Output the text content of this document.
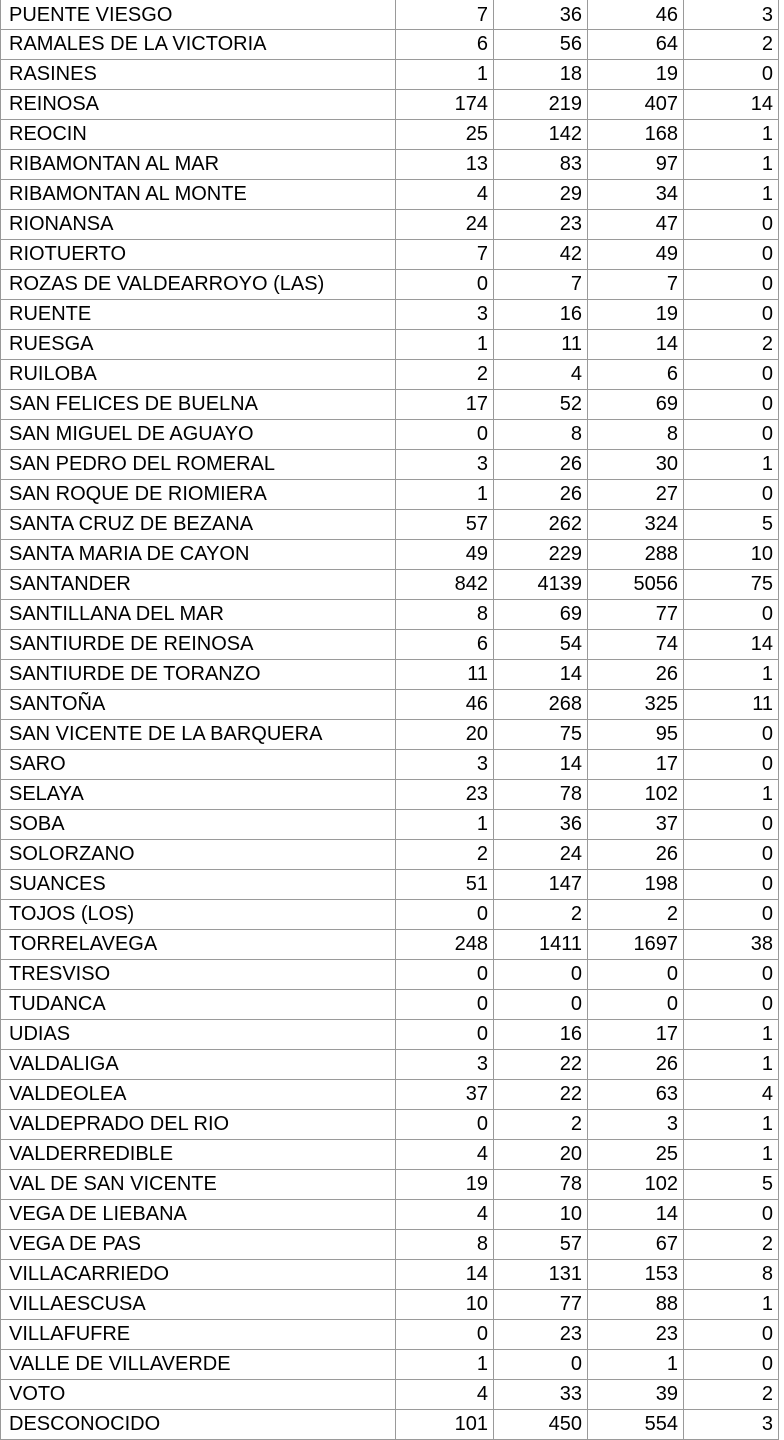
PUENTE VIESGO	7	36	46	3
RAMALES DE LA VICTORIA	6	56	64	2
RASINES	1	18	19	0
REINOSA	174	219	407	14
REOCIN	25	142	168	1
RIBAMONTAN AL MAR	13	83	97	1
RIBAMONTAN AL MONTE	4	29	34	1
RIONANSA	24	23	47	0
RIOTUERTO	7	42	49	0
ROZAS DE VALDEARROYO (LAS)	0	7	7	0
RUENTE	3	16	19	0
RUESGA	1	11	14	2
RUILOBA	2	4	6	0
SAN FELICES DE BUELNA	17	52	69	0
SAN MIGUEL DE AGUAYO	0	8	8	0
SAN PEDRO DEL ROMERAL	3	26	30	1
SAN ROQUE DE RIOMIERA	1	26	27	0
SANTA CRUZ DE BEZANA	57	262	324	5
SANTA MARIA DE CAYON	49	229	288	10
SANTANDER	842	4139	5056	75
SANTILLANA DEL MAR	8	69	77	0
SANTIURDE DE REINOSA	6	54	74	14
SANTIURDE DE TORANZO	11	14	26	1
SANTOÑA	46	268	325	11
SAN VICENTE DE LA BARQUERA	20	75	95	0
SARO	3	14	17	0
SELAYA	23	78	102	1
SOBA	1	36	37	0
SOLORZANO	2	24	26	0
SUANCES	51	147	198	0
TOJOS (LOS)	0	2	2	0
TORRELAVEGA	248	1411	1697	38
TRESVISO	0	0	0	0
TUDANCA	0	0	0	0
UDIAS	0	16	17	1
VALDALIGA	3	22	26	1
VALDEOLEA	37	22	63	4
VALDEPRADO DEL RIO	0	2	3	1
VALDERREDIBLE	4	20	25	1
VAL DE SAN VICENTE	19	78	102	5
VEGA DE LIEBANA	4	10	14	0
VEGA DE PAS	8	57	67	2
VILLACARRIEDO	14	131	153	8
VILLAESCUSA	10	77	88	1
VILLAFUFRE	0	23	23	0
VALLE DE VILLAVERDE	1	0	1	0
VOTO	4	33	39	2
DESCONOCIDO	101	450	554	3
